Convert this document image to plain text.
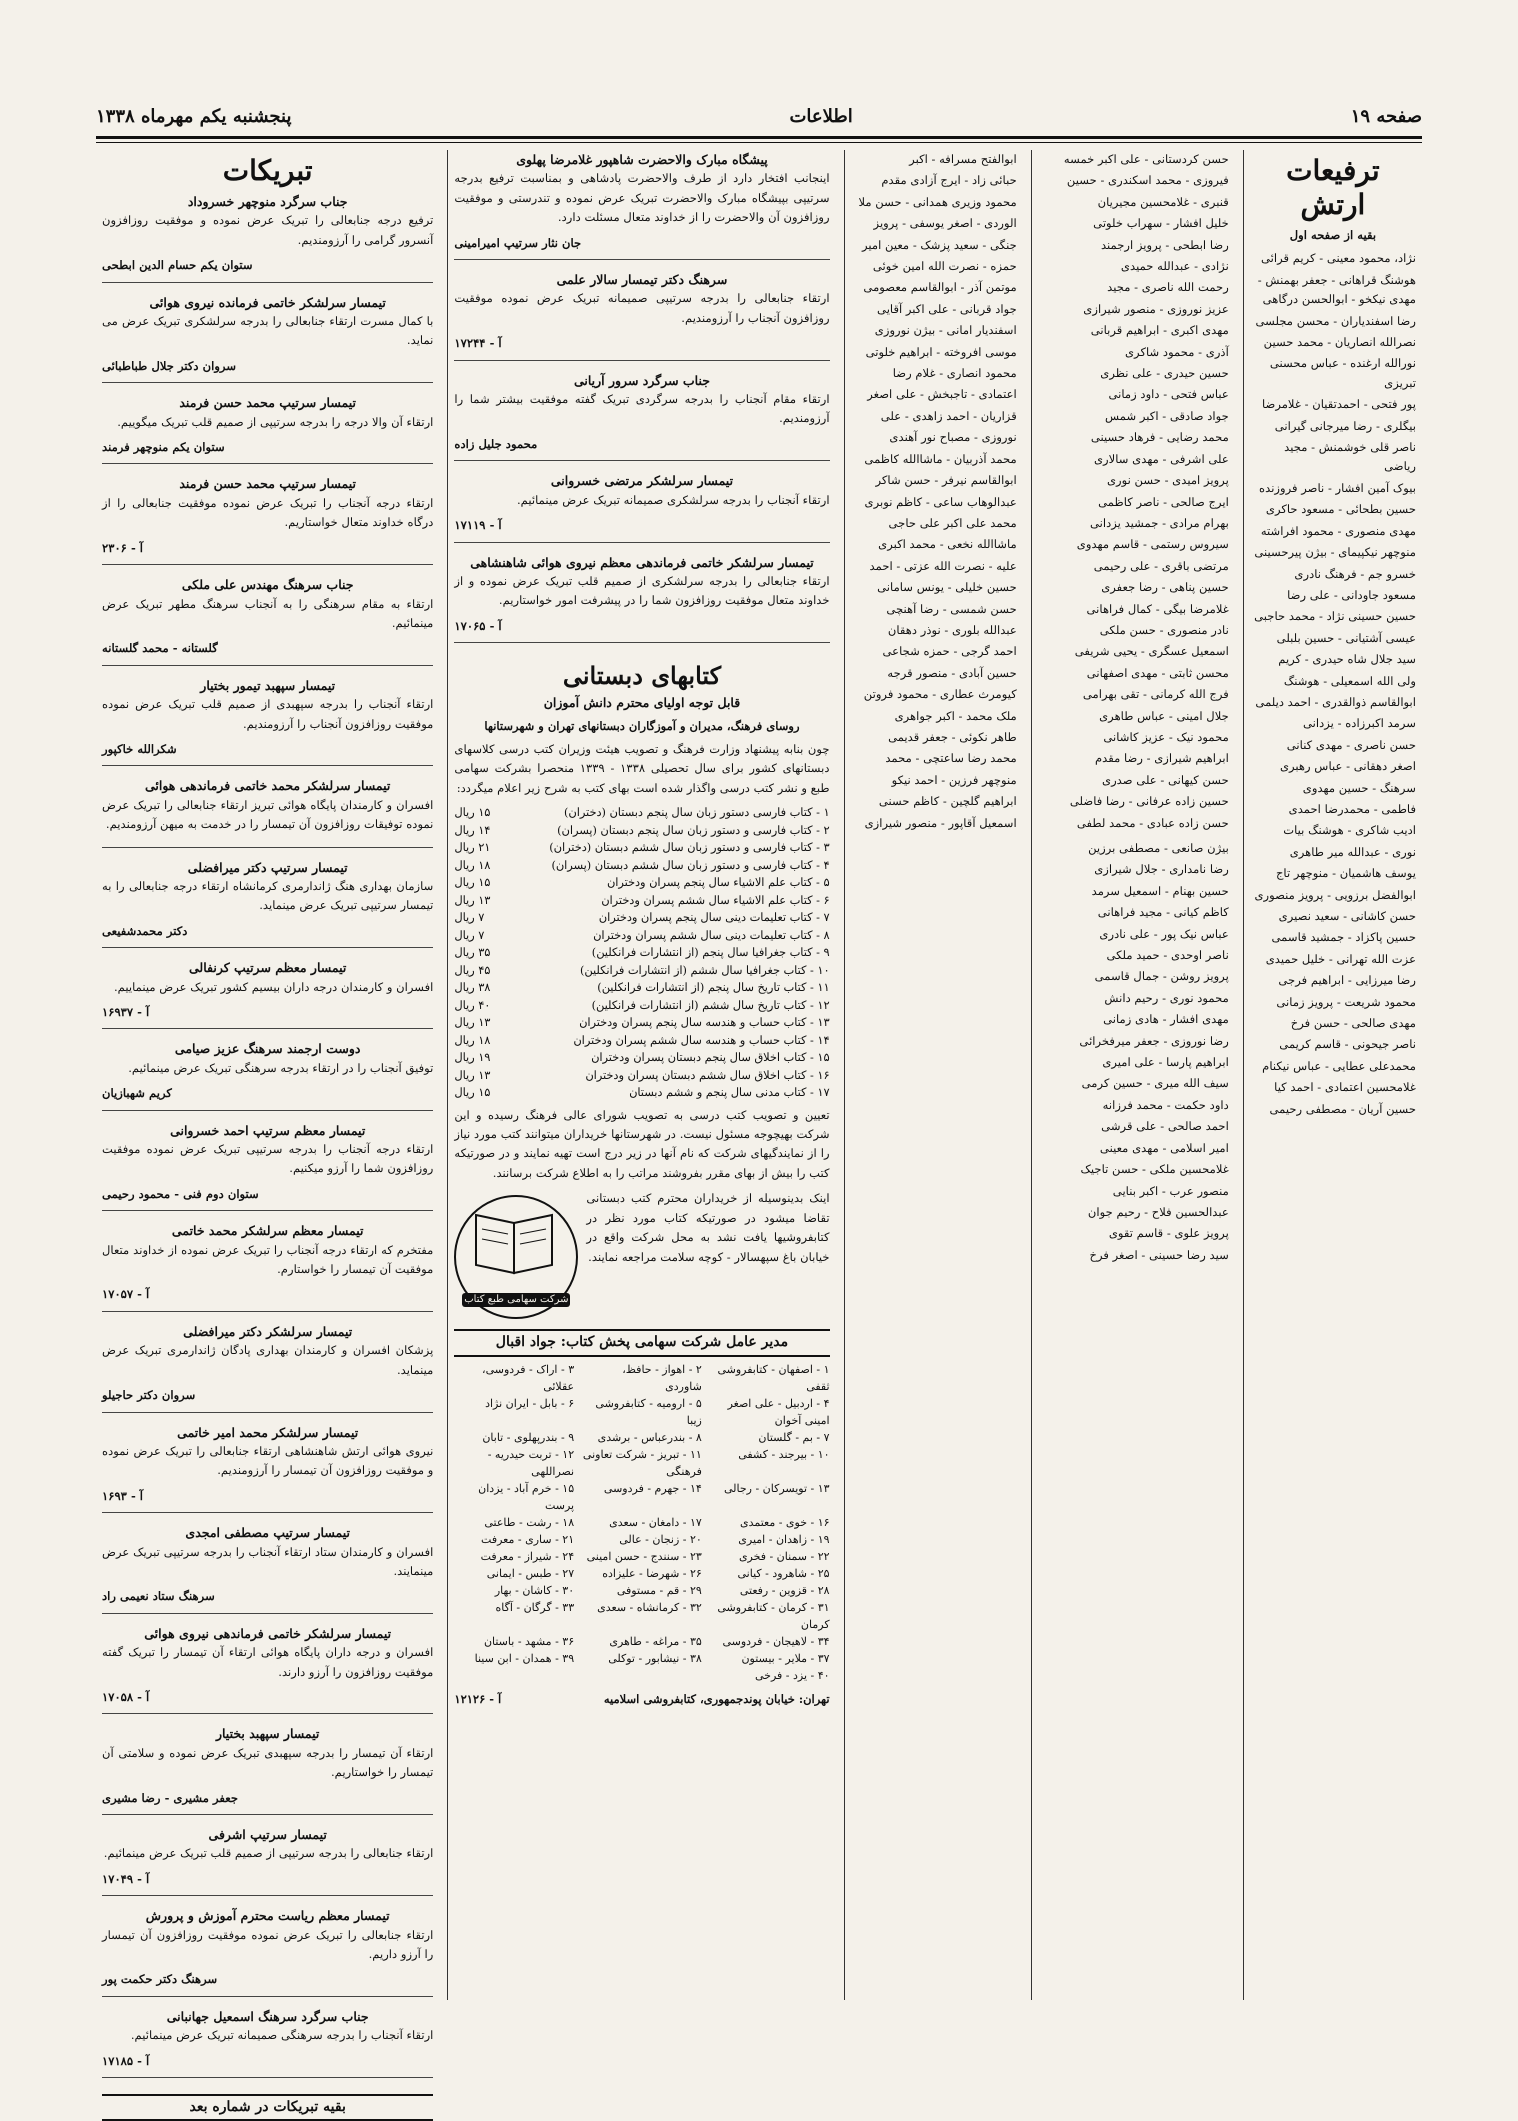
صفحه ۱۹
اطلاعات
پنجشنبه یکم مهرماه ۱۳۳۸
ترفیعات ارتش
بقیه از صفحه اول
نژاد، محمود معینی - کریم قرائی
هوشنگ قراهانی - جعفر بهمنش - مهدی نیکخو - ابوالحسن درگاهی
رضا اسفندیاران - محسن مجلسی
نصرالله انصاریان - محمد حسین
نورالله ارغنده - عباس محسنی تبریزی
پور فتحی - احمدتقیان - غلامرضا
بیگلری - رضا میرجانی گیرانی
ناصر قلی خوشمنش - مجید ریاضی
بیوک آمین افشار - ناصر فروزنده
حسین بطحائی - مسعود حاکری
مهدی منصوری - محمود افراشته
منوچهر نیکپیمای - بیژن پیرحسینی
خسرو جم - فرهنگ نادری
مسعود جاودانی - علی رضا
حسین حسینی نژاد - محمد حاجبی
عیسی آشتیانی - حسین بلبلی
سید جلال شاه حیدری - کریم
ولی الله اسمعیلی - هوشنگ
ابوالقاسم ذوالقدری - احمد دیلمی
سرمد اکبرزاده - یزدانی
حسن ناصری - مهدی کنانی
اصغر دهقانی - عباس رهبری
سرهنگ - حسین مهدوی
فاطمی - محمدرضا احمدی
ادیب شاکری - هوشنگ بیات
نوری - عبدالله میر طاهری
یوسف هاشمیان - منوچهر تاج
ابوالفضل برزویی - پرویز منصوری
حسن کاشانی - سعید نصیری
حسین پاکزاد - جمشید قاسمی
عزت الله تهرانی - خلیل حمیدی
رضا میرزایی - ابراهیم فرجی
محمود شریعت - پرویز زمانی
مهدی صالحی - حسن فرخ
ناصر جیحونی - قاسم کریمی
محمدعلی عطایی - عباس نیکنام
غلامحسین اعتمادی - احمد کیا
حسین آریان - مصطفی رحیمی
حسن کردستانی - علی اکبر خمسه
فیروزی - محمد اسکندری - حسین
قنبری - غلامحسین مجیریان
خلیل افشار - سهراب خلوتی
رضا ابطحی - پرویز ارجمند
نژادی - عبدالله حمیدی
رحمت الله ناصری - مجید
عزیز نوروزی - منصور شیرازی
مهدی اکبری - ابراهیم قربانی
آذری - محمود شاکری
حسین حیدری - علی نظری
عباس فتحی - داود زمانی
جواد صادقی - اکبر شمس
محمد رضایی - فرهاد حسینی
علی اشرفی - مهدی سالاری
پرویز امیدی - حسن نوری
ایرج صالحی - ناصر کاظمی
بهرام مرادی - جمشید یزدانی
سیروس رستمی - قاسم مهدوی
مرتضی باقری - علی رحیمی
حسین پناهی - رضا جعفری
غلامرضا بیگی - کمال فراهانی
نادر منصوری - حسن ملکی
اسمعیل عسگری - یحیی شریفی
محسن ثابتی - مهدی اصفهانی
فرج الله کرمانی - تقی بهرامی
جلال امینی - عباس طاهری
محمود نیک - عزیز کاشانی
ابراهیم شیرازی - رضا مقدم
حسن کیهانی - علی صدری
حسین زاده عرفانی - رضا فاضلی
حسن زاده عبادی - محمد لطفی
بیژن صانعی - مصطفی برزین
رضا نامداری - جلال شیرازی
حسین بهنام - اسمعیل سرمد
کاظم کیانی - مجید فراهانی
عباس نیک پور - علی نادری
ناصر اوحدی - حمید ملکی
پرویز روشن - جمال قاسمی
محمود نوری - رحیم دانش
مهدی افشار - هادی زمانی
رضا نوروزی - جعفر میرفخرائی
ابراهیم پارسا - علی امیری
سیف الله میری - حسین کرمی
داود حکمت - محمد فرزانه
احمد صالحی - علی قرشی
امیر اسلامی - مهدی معینی
غلامحسین ملکی - حسن تاجیک
منصور عرب - اکبر بنایی
عبدالحسین فلاح - رحیم جوان
پرویز علوی - قاسم تقوی
سید رضا حسینی - اصغر فرخ
ابوالفتح مسرافه - اکبر
حبائی زاد - ایرج آزادی مقدم
محمود وزیری همدانی - حسن ملا
الوردی - اصغر یوسفی - پرویز
جنگی - سعید پزشک - معین امیر
حمزه - نصرت الله امین خوئی
موتمن آذر - ابوالقاسم معصومی
جواد قربانی - علی اکبر آقایی
اسفندیار امانی - بیژن نوروزی
موسی افروخته - ابراهیم خلوتی
محمود انصاری - غلام رضا
اعتمادی - تاجبخش - علی اصغر
قزاریان - احمد زاهدی - علی
نوروزی - مصباح نور آهندی
محمد آذربیان - ماشاالله کاظمی
ابوالقاسم نیرفر - حسن شاکر
عبدالوهاب ساعی - کاظم نوبری
محمد علی اکبر علی حاجی
ماشاالله نخعی - محمد اکبری
علیه - نصرت الله عزتی - احمد
حسین خلیلی - یونس سامانی
حسن شمسی - رضا آهنچی
عبدالله بلوری - نوذر دهقان
احمد گرجی - حمزه شجاعی
حسین آبادی - منصور قرجه
کیومرث عطاری - محمود فروتن
ملک محمد - اکبر جواهری
طاهر نکوئی - جعفر قدیمی
محمد رضا ساعتچی - محمد
منوچهر فرزین - احمد نیکو
ابراهیم گلچین - کاظم حسنی
اسمعیل آقاپور - منصور شیرازی
پیشگاه مبارک والاحضرت شاهپور غلامرضا پهلوی

اینجانب افتخار دارد از طرف والاحضرت پادشاهی و بمناسبت ترفیع بدرجه سرتیپی بپیشگاه مبارک والاحضرت تبریک عرض نموده و تندرستی و موفقیت روزافزون آن والاحضرت را از خداوند متعال مسئلت دارد.

جان نثار سرتیپ امیرامینی
سرهنگ دکتر تیمسار سالار علمی

ارتقاء جنابعالی را بدرجه سرتیپی صمیمانه تبریک عرض نموده موفقیت روزافزون آنجناب را آرزومندیم.

آ - ۱۷۲۴۴
جناب سرگرد سرور آریانی

ارتقاء مقام آنجناب را بدرجه سرگردی تبریک گفته موفقیت بیشتر شما را آرزومندیم.

محمود جلیل زاده
تیمسار سرلشکر مرتضی خسروانی

ارتقاء آنجناب را بدرجه سرلشکری صمیمانه تبریک عرض مینمائیم.

آ - ۱۷۱۱۹
تیمسار سرلشکر خاتمی فرماندهی معظم نیروی هوائی شاهنشاهی

ارتقاء جنابعالی را بدرجه سرلشکری از صمیم قلب تبریک عرض نموده و از خداوند متعال موفقیت روزافزون شما را در پیشرفت امور خواستاریم.

آ - ۱۷۰۶۵
کتابهای دبستانی
قابل توجه اولیای محترم دانش آموزان
روسای فرهنگ، مدیران و آموزگاران دبستانهای تهران و شهرستانها

چون بنابه پیشنهاد وزارت فرهنگ و تصویب هیئت وزیران کتب درسی کلاسهای دبستانهای کشور برای سال تحصیلی ۱۳۳۸ - ۱۳۳۹ منحصرا بشرکت سهامی طبع و نشر کتب درسی واگذار شده است بهای کتب به شرح زیر اعلام میگردد:

۱ - کتاب فارسی دستور زبان سال پنجم دبستان (دختران)
۱۵ ریال
۲ - کتاب فارسی و دستور زبان سال پنجم دبستان (پسران)
۱۴ ریال
۳ - کتاب فارسی و دستور زبان سال ششم دبستان (دختران)
۲۱ ریال
۴ - کتاب فارسی و دستور زبان سال ششم دبستان (پسران)
۱۸ ریال
۵ - کتاب علم الاشیاء سال پنجم پسران ودختران
۱۵ ریال
۶ - کتاب علم الاشیاء سال ششم پسران ودختران
۱۳ ریال
۷ - کتاب تعلیمات دینی سال پنجم پسران ودختران
۷ ریال
۸ - کتاب تعلیمات دینی سال ششم پسران ودختران
۷ ریال
۹ - کتاب جغرافیا سال پنجم (از انتشارات فرانکلین)
۳۵ ریال
۱۰ - کتاب جغرافیا سال ششم (از انتشارات فرانکلین)
۴۵ ریال
۱۱ - کتاب تاریخ سال پنجم (از انتشارات فرانکلین)
۳۸ ریال
۱۲ - کتاب تاریخ سال ششم (از انتشارات فرانکلین)
۴۰ ریال
۱۳ - کتاب حساب و هندسه سال پنجم پسران ودختران
۱۳ ریال
۱۴ - کتاب حساب و هندسه سال ششم پسران ودختران
۱۸ ریال
۱۵ - کتاب اخلاق سال پنجم دبستان پسران ودختران
۱۹ ریال
۱۶ - کتاب اخلاق سال ششم دبستان پسران ودختران
۱۳ ریال
۱۷ - کتاب مدنی سال پنجم و ششم دبستان
۱۵ ریال

تعیین و تصویب کتب درسی به تصویب شورای عالی فرهنگ رسیده و این شرکت بهیچوجه مسئول نیست. در شهرستانها خریداران میتوانند کتب مورد نیاز را از نمایندگیهای شرکت که نام آنها در زیر درج است تهیه نمایند و در صورتیکه کتب را بیش از بهای مقرر بفروشند مراتب را به اطلاع شرکت برسانند.

شرکت سهامی طبع کتاب

اینک بدینوسیله از خریداران محترم کتب دبستانی تقاضا میشود در صورتیکه کتاب مورد نظر در کتابفروشیها یافت نشد به محل شرکت واقع در خیابان باغ سپهسالار - کوچه سلامت مراجعه نمایند.

مدیر عامل شرکت سهامی پخش کتاب: جواد اقبال
۱ - اصفهان - کتابفروشی ثقفی
۲ - اهواز - حافظ، شاوردی
۳ - اراک - فردوسی، عقلائی
۴ - اردبیل - علی اصغر امینی آخوان
۵ - ارومیه - کتابفروشی زیبا
۶ - بابل - ایران نژاد
۷ - بم - گلستان
۸ - بندرعباس - برشدی
۹ - بندرپهلوی - تابان
۱۰ - بیرجند - کشفی
۱۱ - تبریز - شرکت تعاونی فرهنگی
۱۲ - تربت حیدریه - نصراللهی
۱۳ - تویسرکان - رجالی
۱۴ - جهرم - فردوسی
۱۵ - خرم آباد - یزدان پرست
۱۶ - خوی - معتمدی
۱۷ - دامغان - سعدی
۱۸ - رشت - طاعتی
۱۹ - زاهدان - امیری
۲۰ - زنجان - عالی
۲۱ - ساری - معرفت
۲۲ - سمنان - فخری
۲۳ - سنندج - حسن امینی
۲۴ - شیراز - معرفت
۲۵ - شاهرود - کیانی
۲۶ - شهرضا - علیزاده
۲۷ - طبس - ایمانی
۲۸ - قزوین - رفعتی
۲۹ - قم - مستوفی
۳۰ - کاشان - بهار
۳۱ - کرمان - کتابفروشی کرمان
۳۲ - کرمانشاه - سعدی
۳۳ - گرگان - آگاه
۳۴ - لاهیجان - فردوسی
۳۵ - مراغه - طاهری
۳۶ - مشهد - باستان
۳۷ - ملایر - بیستون
۳۸ - نیشابور - توکلی
۳۹ - همدان - ابن سینا
۴۰ - یزد - فرخی
تهران: خیابان پوندجمهوری، کتابفروشی اسلامیه
آ - ۱۲۱۲۶
تبریکات
جناب سرگرد منوچهر خسروداد

ترفیع درجه جنابعالی را تبریک عرض نموده و موفقیت روزافزون آنسرور گرامی را آرزومندیم.

ستوان یکم حسام الدین ابطحی
تیمسار سرلشکر خاتمی فرمانده نیروی هوائی

با کمال مسرت ارتقاء جنابعالی را بدرجه سرلشکری تبریک عرض می نماید.

سروان دکتر جلال طباطبائی
تیمسار سرتیپ محمد حسن فرمند

ارتقاء آن والا درجه را بدرجه سرتیپی از صمیم قلب تبریک میگوییم.

ستوان یکم منوچهر فرمند
تیمسار سرتیپ محمد حسن فرمند

ارتقاء درجه آنجناب را تبریک عرض نموده موفقیت جنابعالی را از درگاه خداوند متعال خواستاریم.

آ - ۲۳۰۶
جناب سرهنگ مهندس علی ملکی

ارتقاء به مقام سرهنگی را به آنجناب سرهنگ مطهر تبریک عرض مینمائیم.

گلستانه - محمد گلستانه
تیمسار سپهبد تیمور بختیار

ارتقاء آنجناب را بدرجه سپهبدی از صمیم قلب تبریک عرض نموده موفقیت روزافزون آنجناب را آرزومندیم.

شکرالله خاکپور
تیمسار سرلشکر محمد خاتمی فرماندهی هوائی

افسران و کارمندان پایگاه هوائی تبریز ارتقاء جنابعالی را تبریک عرض نموده توفیقات روزافزون آن تیمسار را در خدمت به میهن آرزومندیم.

تیمسار سرتیپ دکتر میرافضلی

سازمان بهداری هنگ ژاندارمری کرمانشاه ارتقاء درجه جنابعالی را به تیمسار سرتیپی تبریک عرض مینماید.

دکتر محمدشفیعی
تیمسار معظم سرتیپ کرنفالی

افسران و کارمندان درجه داران بیسیم کشور تبریک عرض مینماییم.

آ - ۱۶۹۳۷
دوست ارجمند سرهنگ عزیز صیامی

توفیق آنجناب را در ارتقاء بدرجه سرهنگی تبریک عرض مینمائیم.

کریم شهبازیان
تیمسار معظم سرتیپ احمد خسروانی

ارتقاء درجه آنجناب را بدرجه سرتیپی تبریک عرض نموده موفقیت روزافزون شما را آرزو میکنیم.

ستوان دوم فنی - محمود رحیمی
تیمسار معظم سرلشکر محمد خاتمی

مفتخرم که ارتقاء درجه آنجناب را تبریک عرض نموده از خداوند متعال موفقیت آن تیمسار را خواستارم.

آ - ۱۷۰۵۷
تیمسار سرلشکر دکتر میرافضلی

پزشکان افسران و کارمندان بهداری پادگان ژاندارمری تبریک عرض مینماید.

سروان دکتر حاجیلو
تیمسار سرلشکر محمد امیر خاتمی

نیروی هوائی ارتش شاهنشاهی ارتقاء جنابعالی را تبریک عرض نموده و موفقیت روزافزون آن تیمسار را آرزومندیم.

آ - ۱۶۹۳
تیمسار سرتیپ مصطفی امجدی

افسران و کارمندان ستاد ارتقاء آنجناب را بدرجه سرتیپی تبریک عرض مینمایند.

سرهنگ ستاد نعیمی راد
تیمسار سرلشکر خاتمی فرماندهی نیروی هوائی

افسران و درجه داران پایگاه هوائی ارتقاء آن تیمسار را تبریک گفته موفقیت روزافزون را آرزو دارند.

آ - ۱۷۰۵۸
تیمسار سپهبد بختیار

ارتقاء آن تیمسار را بدرجه سپهبدی تبریک عرض نموده و سلامتی آن تیمسار را خواستاریم.

جعفر مشیری - رضا مشیری
تیمسار سرتیپ اشرفی

ارتقاء جنابعالی را بدرجه سرتیپی از صمیم قلب تبریک عرض مینمائیم.

آ - ۱۷۰۴۹
تیمسار معظم ریاست محترم آموزش و پرورش

ارتقاء جنابعالی را تبریک عرض نموده موفقیت روزافزون آن تیمسار را آرزو داریم.

سرهنگ دکتر حکمت پور
جناب سرگرد سرهنگ اسمعیل جهانبانی

ارتقاء آنجناب را بدرجه سرهنگی صمیمانه تبریک عرض مینمائیم.

آ - ۱۷۱۸۵
بقیه تبریکات در شماره بعد
